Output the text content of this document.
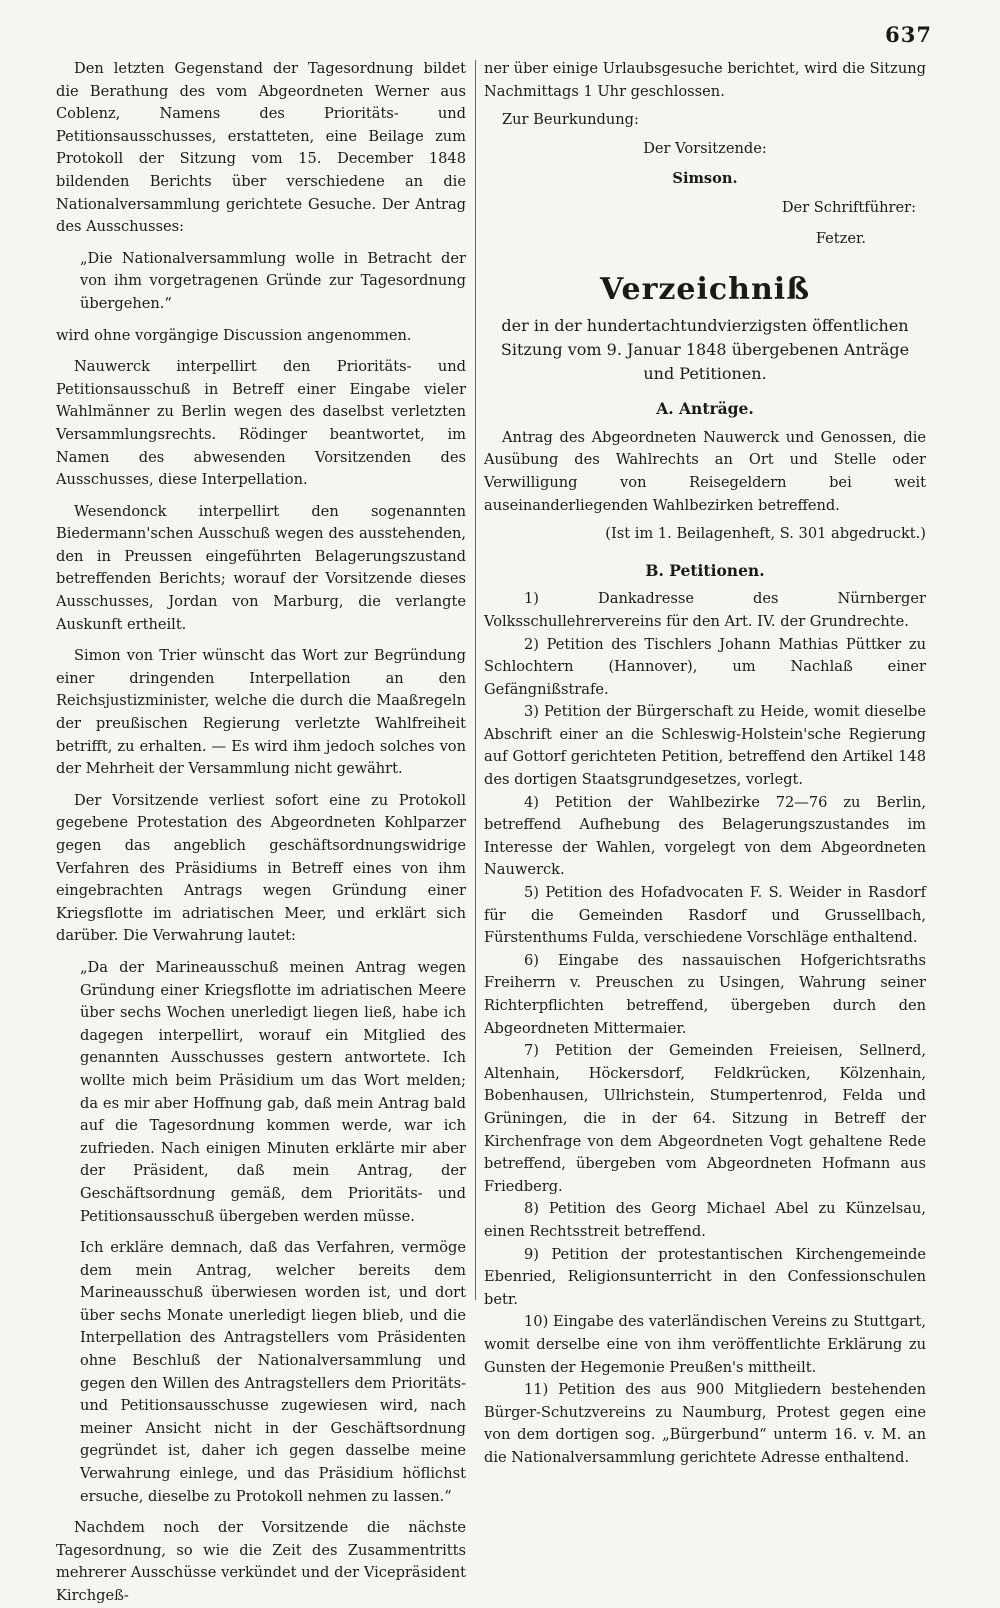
637

Den letzten Gegenstand der Tagesordnung bildet die Berathung des vom Abgeordneten Werner aus Coblenz, Namens des Prioritäts- und Petitionsausschusses, erstatteten, eine Beilage zum Protokoll der Sitzung vom 15. December 1848 bildenden Berichts über verschiedene an die Nationalversammlung gerichtete Gesuche. Der Antrag des Ausschusses:

„Die Nationalversammlung wolle in Betracht der von ihm vorgetragenen Gründe zur Tagesordnung übergehen.“

wird ohne vorgängige Discussion angenommen.

Nauwerck interpellirt den Prioritäts- und Petitionsausschuß in Betreff einer Eingabe vieler Wahlmänner zu Berlin wegen des daselbst verletzten Versammlungsrechts. Rödinger beantwortet, im Namen des abwesenden Vorsitzenden des Ausschusses, diese Interpellation.

Wesendonck interpellirt den sogenannten Biedermann'schen Ausschuß wegen des ausstehenden, den in Preussen eingeführten Belagerungszustand betreffenden Berichts; worauf der Vorsitzende dieses Ausschusses, Jordan von Marburg, die verlangte Auskunft ertheilt.

Simon von Trier wünscht das Wort zur Begründung einer dringenden Interpellation an den Reichsjustizminister, welche die durch die Maaßregeln der preußischen Regierung verletzte Wahlfreiheit betrifft, zu erhalten. — Es wird ihm jedoch solches von der Mehrheit der Versammlung nicht gewährt.

Der Vorsitzende verliest sofort eine zu Protokoll gegebene Protestation des Abgeordneten Kohlparzer gegen das angeblich geschäftsordnungswidrige Verfahren des Präsidiums in Betreff eines von ihm eingebrachten Antrags wegen Gründung einer Kriegsflotte im adriatischen Meer, und erklärt sich darüber. Die Verwahrung lautet:

„Da der Marineausschuß meinen Antrag wegen Gründung einer Kriegsflotte im adriatischen Meere über sechs Wochen unerledigt liegen ließ, habe ich dagegen interpellirt, worauf ein Mitglied des genannten Ausschusses gestern antwortete. Ich wollte mich beim Präsidium um das Wort melden; da es mir aber Hoffnung gab, daß mein Antrag bald auf die Tagesordnung kommen werde, war ich zufrieden. Nach einigen Minuten erklärte mir aber der Präsident, daß mein Antrag, der Geschäftsordnung gemäß, dem Prioritäts- und Petitionsausschuß übergeben werden müsse.

Ich erkläre demnach, daß das Verfahren, vermöge dem mein Antrag, welcher bereits dem Marineausschuß überwiesen worden ist, und dort über sechs Monate unerledigt liegen blieb, und die Interpellation des Antragstellers vom Präsidenten ohne Beschluß der Nationalversammlung und gegen den Willen des Antragstellers dem Prioritäts- und Petitionsausschusse zugewiesen wird, nach meiner Ansicht nicht in der Geschäftsordnung gegründet ist, daher ich gegen dasselbe meine Verwahrung einlege, und das Präsidium höflichst ersuche, dieselbe zu Protokoll nehmen zu lassen.“

Nachdem noch der Vorsitzende die nächste Tagesordnung, so wie die Zeit des Zusammentritts mehrerer Ausschüsse verkündet und der Vicepräsident Kirchgeß-

ner über einige Urlaubsgesuche berichtet, wird die Sitzung Nachmittags 1 Uhr geschlossen.

Zur Beurkundung:

Der Vorsitzende:

Simson.

Der Schriftführer:

Fetzer.

Verzeichniß

der in der hundertachtundvierzigsten öffentlichen Sitzung vom 9. Januar 1848 übergebenen Anträge und Petitionen.

A. Anträge.

Antrag des Abgeordneten Nauwerck und Genossen, die Ausübung des Wahlrechts an Ort und Stelle oder Verwilligung von Reisegeldern bei weit auseinanderliegenden Wahlbezirken betreffend.

(Ist im 1. Beilagenheft, S. 301 abgedruckt.)

B. Petitionen.

1) Dankadresse des Nürnberger Volksschullehrervereins für den Art. IV. der Grundrechte.

2) Petition des Tischlers Johann Mathias Püttker zu Schlochtern (Hannover), um Nachlaß einer Gefängnißstrafe.

3) Petition der Bürgerschaft zu Heide, womit dieselbe Abschrift einer an die Schleswig-Holstein'sche Regierung auf Gottorf gerichteten Petition, betreffend den Artikel 148 des dortigen Staatsgrundgesetzes, vorlegt.

4) Petition der Wahlbezirke 72—76 zu Berlin, betreffend Aufhebung des Belagerungszustandes im Interesse der Wahlen, vorgelegt von dem Abgeordneten Nauwerck.

5) Petition des Hofadvocaten F. S. Weider in Rasdorf für die Gemeinden Rasdorf und Grussellbach, Fürstenthums Fulda, verschiedene Vorschläge enthaltend.

6) Eingabe des nassauischen Hofgerichtsraths Freiherrn v. Preuschen zu Usingen, Wahrung seiner Richterpflichten betreffend, übergeben durch den Abgeordneten Mittermaier.

7) Petition der Gemeinden Freieisen, Sellnerd, Altenhain, Höckersdorf, Feldkrücken, Kölzenhain, Bobenhausen, Ullrichstein, Stumpertenrod, Felda und Grüningen, die in der 64. Sitzung in Betreff der Kirchenfrage von dem Abgeordneten Vogt gehaltene Rede betreffend, übergeben vom Abgeordneten Hofmann aus Friedberg.

8) Petition des Georg Michael Abel zu Künzelsau, einen Rechtsstreit betreffend.

9) Petition der protestantischen Kirchengemeinde Ebenried, Religionsunterricht in den Confessionschulen betr.

10) Eingabe des vaterländischen Vereins zu Stuttgart, womit derselbe eine von ihm veröffentlichte Erklärung zu Gunsten der Hegemonie Preußen's mittheilt.

11) Petition des aus 900 Mitgliedern bestehenden Bürger-Schutzvereins zu Naumburg, Protest gegen eine von dem dortigen sog. „Bürgerbund“ unterm 16. v. M. an die Nationalversammlung gerichtete Adresse enthaltend.
